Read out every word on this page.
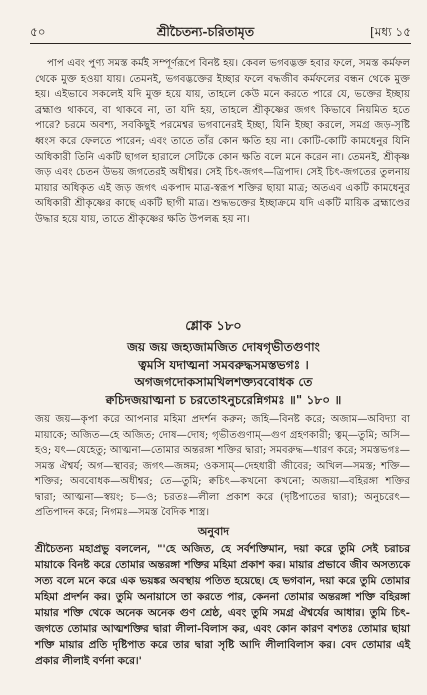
৫০	শ্রীচৈতন্য-চরিতামৃত	[মধ্য ১৫

পাপ এবং পুণ্য সমস্ত কর্মই সম্পূর্ণরূপে বিনষ্ট হয়। কেবল ভগবদ্ভক্ত হবার ফলে, সমস্ত কর্মফল থেকে মুক্ত হওয়া যায়। তেমনই, ভগবদ্ভক্তের ইচ্ছার ফলে বদ্ধজীব কর্মফলের বন্ধন থেকে মুক্ত হয়। এইভাবে সকলেই যদি মুক্ত হয়ে যায়, তাহলে কেউ মনে করতে পারে যে, ভক্তের ইচ্ছায় ব্রহ্মাণ্ড থাকবে, বা থাকবে না, তা যদি হয়, তাহলে শ্রীকৃষ্ণের জগৎ কিভাবে নিয়মিত হতে পারে? চরমে অবশ্য, সবকিছুই পরমেশ্বর ভগবানেরই ইচ্ছা, যিনি ইচ্ছা করলে, সমগ্র জড়-সৃষ্টি ধ্বংস করে ফেলতে পারেন; এবং তাতে তাঁর কোন ক্ষতি হয় না। কোটি-কোটি কামধেনুর যিনি অধিকারী তিনি একটি ছাগল হারালে সেটিকে কোন ক্ষতি বলে মনে করেন না। তেমনই, শ্রীকৃষ্ণ জড় এবং চেতন উভয় জগতেরই অধীশ্বর। সেই চিৎ-জগৎ—ত্রিপাদ। সেই চিৎ-জগতের তুলনায় মায়ার অধিকৃত এই জড় জগৎ একপাদ মাত্র-স্বরূপ শক্তির ছায়া মাত্র; অতএব একটি কামধেনুর অধিকারী শ্রীকৃষ্ণের কাছে একটি ছাগী মাত্র। শুদ্ধভক্তের ইচ্ছাক্রমে যদি একটি মায়িক ব্রহ্মাণ্ডের উদ্ধার হয়ে যায়, তাতে শ্রীকৃষ্ণের ক্ষতি উপলব্ধ হয় না।

শ্লোক ১৮০
জয় জয় জহ্যজামজিত দোষগৃভীতগুণাং
ত্বমসি যদাত্মনা সমবরুদ্ধসমস্তভগঃ ।
অগজগদোকসামখিলশক্ত্যববোধক তে
ক্বচিদজয়াত্মনা চ চরতোঽনুচরেন্নিগমঃ ॥" ১৮০ ॥
জয় জয়—কৃপা করে আপনার মহিমা প্রদর্শন করুন; জহি—বিনষ্ট করে; অজাম—অবিদ্যা বা মায়াকে; অজিত—হে অজিত; দোষ—দোষ; গৃভীতগুণাম্—গুণ গ্রহণকারী; ত্বম্—তুমি; অসি—হও; যৎ—যেহেতু; আত্মনা—তোমার অন্তরঙ্গা শক্তির দ্বারা; সমবরুদ্ধ—ধারণ করে; সমস্তভগঃ—সমস্ত ঐশ্বর্য; অগ—স্থাবর; জগৎ—জঙ্গম; ওকসাম্—দেহধারী জীবের; অখিল—সমস্ত; শক্তি—শক্তির; অববোধক—অধীশ্বর; তে—তুমি; ক্বচিৎ—কখনো কখনো; অজয়া—বহিরঙ্গা শক্তির দ্বারা; আত্মনা—স্বয়ং; চ—ও; চরতঃ—লীলা প্রকাশ করে (দৃষ্টিপাতের দ্বারা); অনুচরেৎ—প্রতিপাদন করে; নিগমঃ—সমস্ত বৈদিক শাস্ত্র।
অনুবাদ

শ্রীচৈতন্য মহাপ্রভু বললেন, "'হে অজিত, হে সর্বশক্তিমান, দয়া করে তুমি সেই চরাচর মায়াকে বিনষ্ট করে তোমার অন্তরঙ্গা শক্তির মহিমা প্রকাশ কর। মায়ার প্রভাবে জীব অসত্যকে সত্য বলে মনে করে এক ভয়ঙ্কর অবস্থায় পতিত হয়েছে। হে ভগবান, দয়া করে তুমি তোমার মহিমা প্রদর্শন কর। তুমি অনায়াসে তা করতে পার, কেননা তোমার অন্তরঙ্গা শক্তি বহিরঙ্গা মায়ার শক্তি থেকে অনেক অনেক গুণ শ্রেষ্ঠ, এবং তুমি সমগ্র ঐশ্বর্যের আধার। তুমি চিৎ-জগতে তোমার আত্মশক্তির দ্বারা লীলা-বিলাস কর, এবং কোন কারণ বশতঃ তোমার ছায়া শক্তি মায়ার প্রতি দৃষ্টিপাত করে তার দ্বারা সৃষ্টি আদি লীলাবিলাস কর। বেদ তোমার এই প্রকার লীলাই বর্ণনা করে।'
